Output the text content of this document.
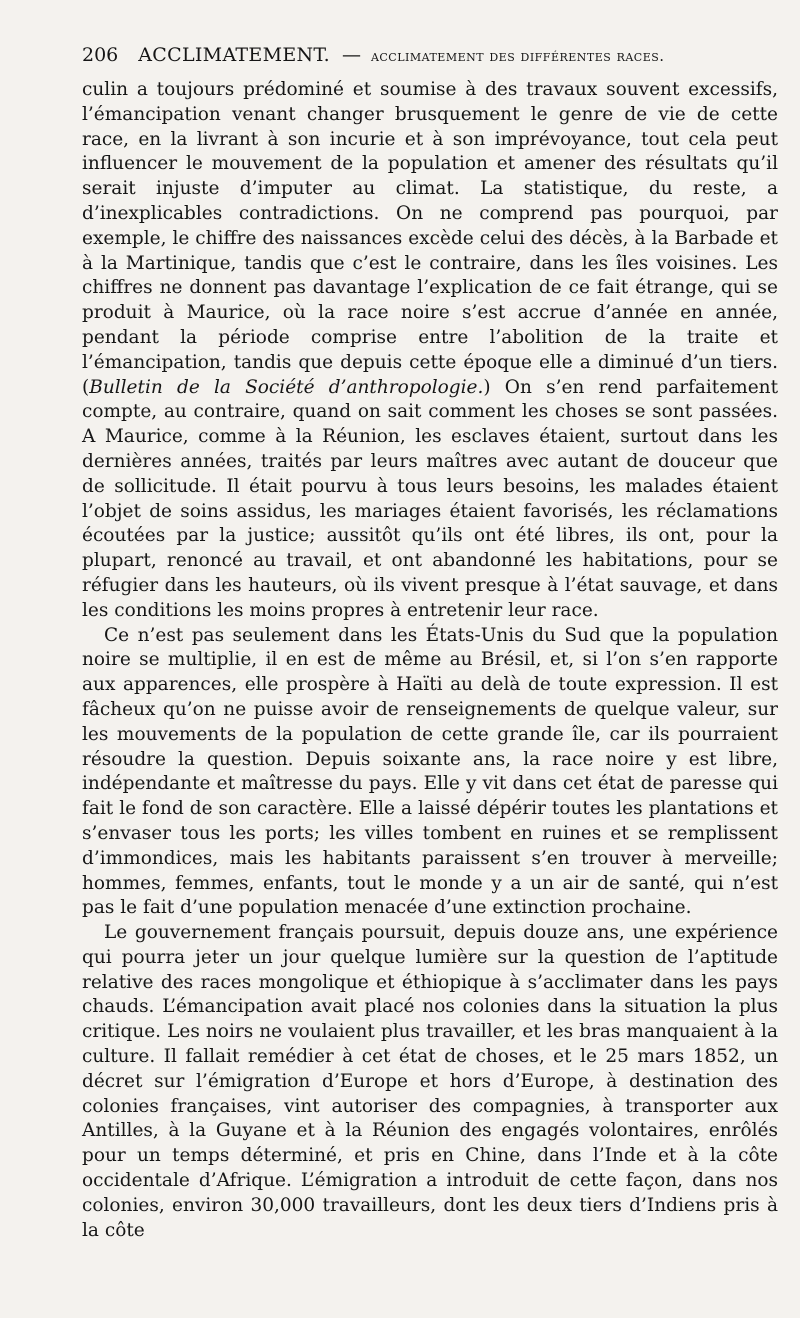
206 ACCLIMATEMENT. — acclimatement des différentes races.

culin a toujours prédominé et soumise à des travaux souvent excessifs, l’émancipation venant changer brusquement le genre de vie de cette race, en la livrant à son incurie et à son imprévoyance, tout cela peut influencer le mouvement de la population et amener des résultats qu’il serait injuste d’imputer au climat. La statistique, du reste, a d’inexplicables contradictions. On ne comprend pas pourquoi, par exemple, le chiffre des naissances excède celui des décès, à la Barbade et à la Martinique, tandis que c’est le contraire, dans les îles voisines. Les chiffres ne donnent pas davantage l’explication de ce fait étrange, qui se produit à Maurice, où la race noire s’est accrue d’année en année, pendant la période comprise entre l’abolition de la traite et l’émancipation, tandis que depuis cette époque elle a diminué d’un tiers. (Bulletin de la Société d’anthropologie.) On s’en rend parfaitement compte, au contraire, quand on sait comment les choses se sont passées. A Maurice, comme à la Réunion, les esclaves étaient, surtout dans les dernières années, traités par leurs maîtres avec autant de douceur que de sollicitude. Il était pourvu à tous leurs besoins, les malades étaient l’objet de soins assidus, les mariages étaient favorisés, les réclamations écoutées par la justice; aussitôt qu’ils ont été libres, ils ont, pour la plupart, renoncé au travail, et ont abandonné les habitations, pour se réfugier dans les hauteurs, où ils vivent presque à l’état sauvage, et dans les conditions les moins propres à entretenir leur race.

Ce n’est pas seulement dans les États-Unis du Sud que la population noire se multiplie, il en est de même au Brésil, et, si l’on s’en rapporte aux apparences, elle prospère à Haïti au delà de toute expression. Il est fâcheux qu’on ne puisse avoir de renseignements de quelque valeur, sur les mouvements de la population de cette grande île, car ils pourraient résoudre la question. Depuis soixante ans, la race noire y est libre, indépendante et maîtresse du pays. Elle y vit dans cet état de paresse qui fait le fond de son caractère. Elle a laissé dépérir toutes les plantations et s’envaser tous les ports; les villes tombent en ruines et se remplissent d’immondices, mais les habitants paraissent s’en trouver à merveille; hommes, femmes, enfants, tout le monde y a un air de santé, qui n’est pas le fait d’une population menacée d’une extinction prochaine.

Le gouvernement français poursuit, depuis douze ans, une expérience qui pourra jeter un jour quelque lumière sur la question de l’aptitude relative des races mongolique et éthiopique à s’acclimater dans les pays chauds. L’émancipation avait placé nos colonies dans la situation la plus critique. Les noirs ne voulaient plus travailler, et les bras manquaient à la culture. Il fallait remédier à cet état de choses, et le 25 mars 1852, un décret sur l’émigration d’Europe et hors d’Europe, à destination des colonies françaises, vint autoriser des compagnies, à transporter aux Antilles, à la Guyane et à la Réunion des engagés volontaires, enrôlés pour un temps déterminé, et pris en Chine, dans l’Inde et à la côte occidentale d’Afrique. L’émigration a introduit de cette façon, dans nos colonies, environ 30,000 travailleurs, dont les deux tiers d’Indiens pris à la côte
